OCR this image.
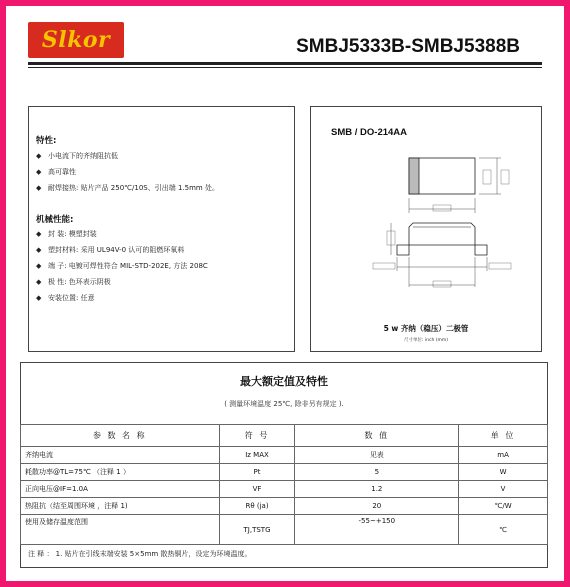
Slkor	SMBJ5333B-SMBJ5388B
特性:
◆ 小电流下的齐纳阻抗低
◆ 高可靠性
◆ 耐焊接热: 贴片产品 250℃/10S、引出端 1.5mm 处。
机械性能:
◆ 封 装: 模塑封装
◆ 塑封材料: 采用 UL94V-0 认可的阻燃环氧料
◆ 端 子: 电镀可焊性符合 MIL-STD-202E, 方法 208C
◆ 极 性: 色环表示阴极
◆ 安装位置: 任意
SMB / DO-214AA
5 w 齐纳（稳压）二极管
尺寸单位: inch (mm)
最大额定值及特性
( 测量环境温度 25℃, 除非另有规定 ).
参 数 名 称	符 号	数 值	单 位
齐纳电流	Iz MAX	见表	mA
耗散功率@TL=75℃ （注释 1 ）	Pt	5	W
正向电压@IF=1.0A	VF	1.2	V
热阻抗（结至周围环境 ，注释 1)	Rθ (ja)	20	℃/W
使用及储存温度范围	TJ,TSTG	-55~+150	℃
注 释 ： 1. 贴片在引线末端安装 5×5mm 散热铜片，设定为环境温度。
